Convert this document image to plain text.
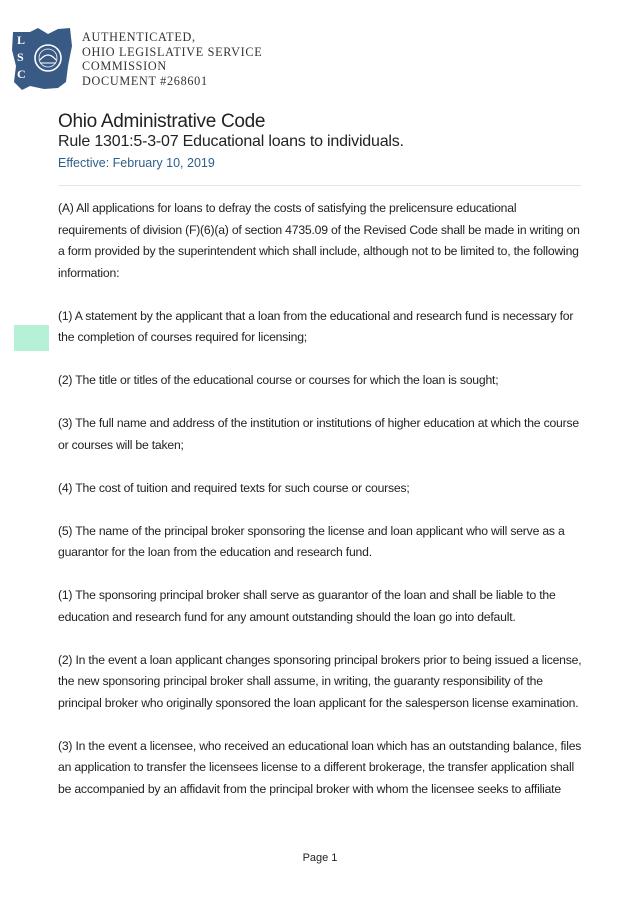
L
S
C
AUTHENTICATED,
OHIO LEGISLATIVE SERVICE
COMMISSION
DOCUMENT #268601
Ohio Administrative Code
Rule 1301:5-3-07 Educational loans to individuals.
Effective: February 10, 2019

(A) All applications for loans to defray the costs of satisfying the prelicensure educational requirements of division (F)(6)(a) of section 4735.09 of the Revised Code shall be made in writing on a form provided by the superintendent which shall include, although not to be limited to, the following information:

(1) A statement by the applicant that a loan from the educational and research fund is necessary for the completion of courses required for licensing;

(2) The title or titles of the educational course or courses for which the loan is sought;

(3) The full name and address of the institution or institutions of higher education at which the course or courses will be taken;

(4) The cost of tuition and required texts for such course or courses;

(5) The name of the principal broker sponsoring the license and loan applicant who will serve as a guarantor for the loan from the education and research fund.

(1) The sponsoring principal broker shall serve as guarantor of the loan and shall be liable to the education and research fund for any amount outstanding should the loan go into default.

(2) In the event a loan applicant changes sponsoring principal brokers prior to being issued a license, the new sponsoring principal broker shall assume, in writing, the guaranty responsibility of the principal broker who originally sponsored the loan applicant for the salesperson license examination.

(3) In the event a licensee, who received an educational loan which has an outstanding balance, files an application to transfer the licensees license to a different brokerage, the transfer application shall be accompanied by an affidavit from the principal broker with whom the licensee seeks to affiliate

Page 1
